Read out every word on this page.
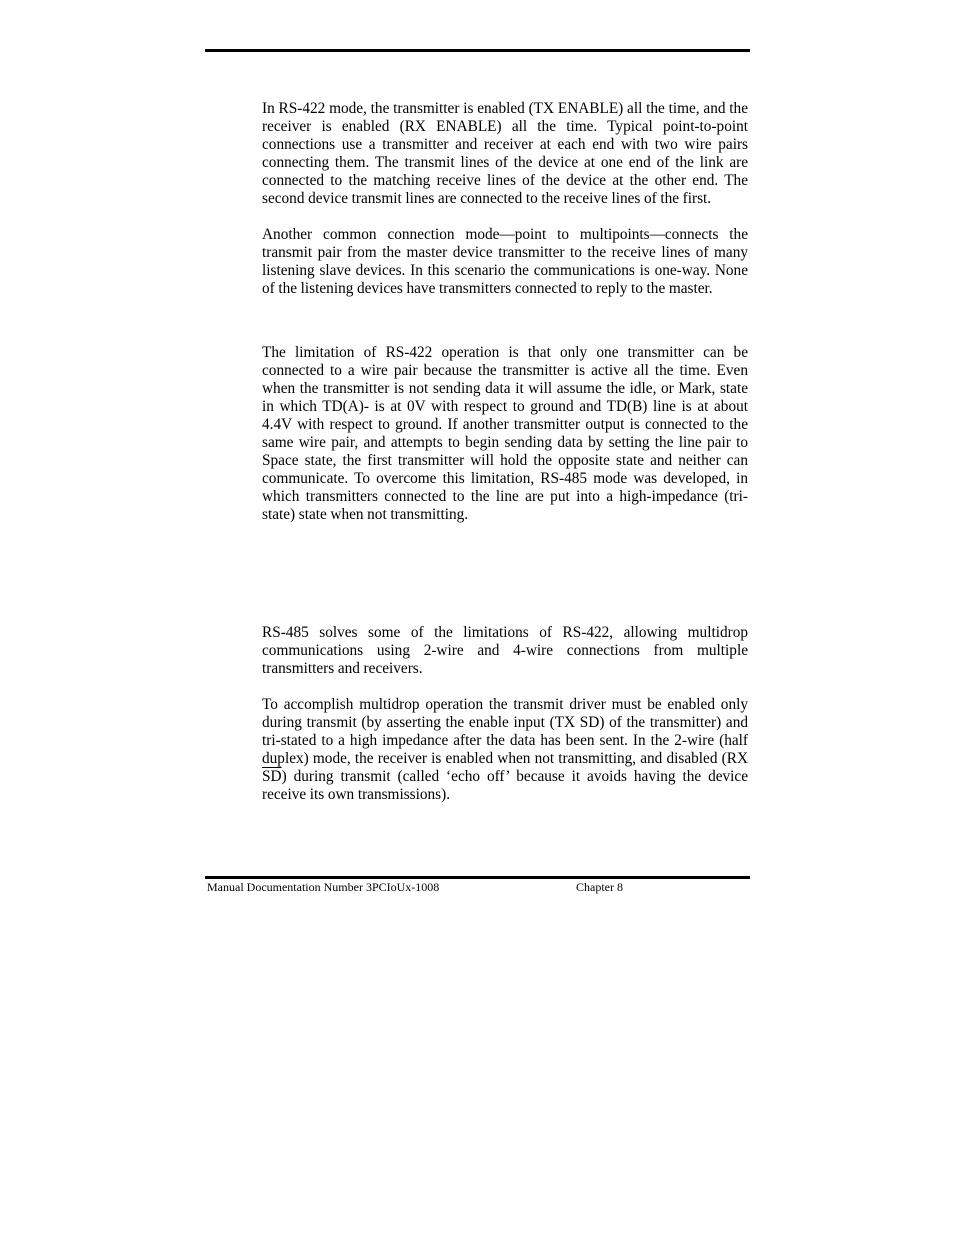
In RS-422 mode, the transmitter is enabled (TX ENABLE) all the time, and the receiver is enabled (RX ENABLE) all the time. Typical point-to-point connections use a transmitter and receiver at each end with two wire pairs connecting them. The transmit lines of the device at one end of the link are connected to the matching receive lines of the device at the other end. The second device transmit lines are connected to the receive lines of the first.

Another common connection mode—point to multipoints—connects the transmit pair from the master device transmitter to the receive lines of many listening slave devices. In this scenario the communications is one-way. None of the listening devices have transmitters connected to reply to the master.

The limitation of RS-422 operation is that only one transmitter can be connected to a wire pair because the transmitter is active all the time. Even when the transmitter is not sending data it will assume the idle, or Mark, state in which TD(A)- is at 0V with respect to ground and TD(B) line is at about 4.4V with respect to ground. If another transmitter output is connected to the same wire pair, and attempts to begin sending data by setting the line pair to Space state, the first transmitter will hold the opposite state and neither can communicate. To overcome this limitation, RS-485 mode was developed, in which transmitters connected to the line are put into a high-impedance (tri-state) state when not transmitting.

RS-485 solves some of the limitations of RS-422, allowing multidrop communications using 2-wire and 4-wire connections from multiple transmitters and receivers.

To accomplish multidrop operation the transmit driver must be enabled only during transmit (by asserting the enable input (TX SD) of the transmitter) and tri-stated to a high impedance after the data has been sent. In the 2-wire (half duplex) mode, the receiver is enabled when not transmitting, and disabled (RX $\overline{SD}$) during transmit (called ‘echo off’ because it avoids having the device receive its own transmissions).

Manual Documentation Number 3PCIoUx-1008	Chapter 8
